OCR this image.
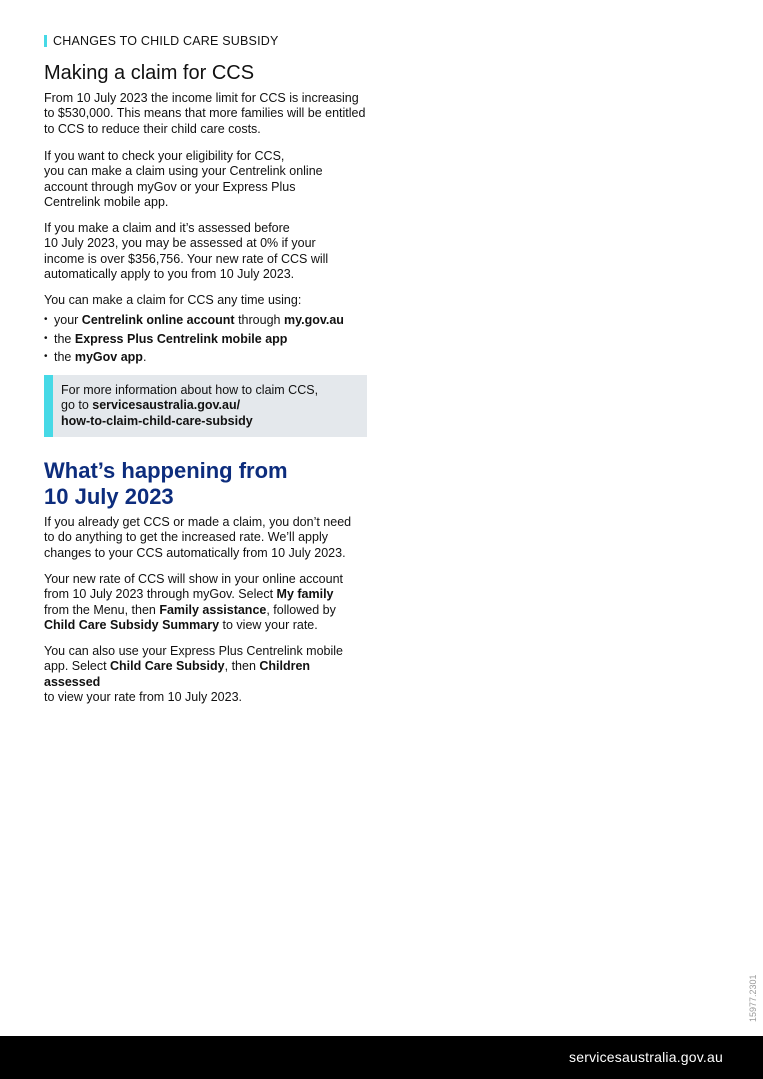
CHANGES TO CHILD CARE SUBSIDY
Making a claim for CCS

From 10 July 2023 the income limit for CCS is increasing to $530,000. This means that more families will be entitled to CCS to reduce their child care costs.

If you want to check your eligibility for CCS,
you can make a claim using your Centrelink online
account through myGov or your Express Plus
Centrelink mobile app.

If you make a claim and it’s assessed before
10 July 2023, you may be assessed at 0% if your
income is over $356,756. Your new rate of CCS will
automatically apply to you from 10 July 2023.

You can make a claim for CCS any time using:

• your Centrelink online account through my.gov.au
• the Express Plus Centrelink mobile app
• the myGov app.
For more information about how to claim CCS,
go to servicesaustralia.gov.au/
how-to-claim-child-care-subsidy
What’s happening from
10 July 2023

If you already get CCS or made a claim, you don’t need
to do anything to get the increased rate. We’ll apply
changes to your CCS automatically from 10 July 2023.

Your new rate of CCS will show in your online account
from 10 July 2023 through myGov. Select My family
from the Menu, then Family assistance, followed by
Child Care Subsidy Summary to view your rate.

You can also use your Express Plus Centrelink mobile
app. Select Child Care Subsidy, then Children assessed
to view your rate from 10 July 2023.

15977.2301
servicesaustralia.gov.au
